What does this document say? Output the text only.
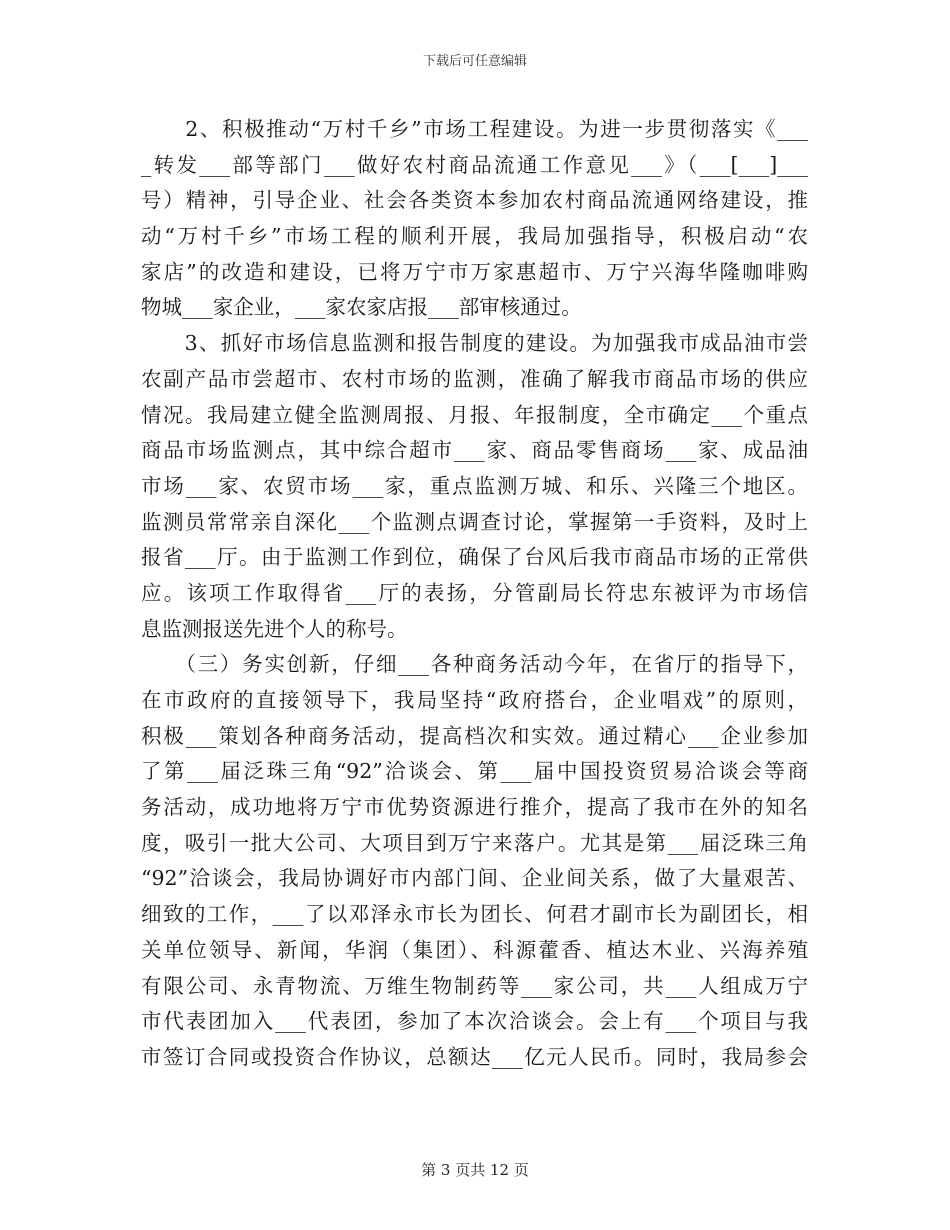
下载后可任意编辑
　　2、积极推动“万村千乡”市场工程建设。为进一步贯彻落实《___
_转发___部等部门___做好农村商品流通工作意见___》（___[___]___
号）精神，引导企业、社会各类资本参加农村商品流通网络建设，推
动“万村千乡”市场工程的顺利开展，我局加强指导，积极启动“农
家店”的改造和建设，已将万宁市万家惠超市、万宁兴海华隆咖啡购
物城___家企业，___家农家店报___部审核通过。
　　3、抓好市场信息监测和报告制度的建设。为加强我市成品油市尝
农副产品市尝超市、农村市场的监测，准确了解我市商品市场的供应
情况。我局建立健全监测周报、月报、年报制度，全市确定___个重点
商品市场监测点，其中综合超市___家、商品零售商场___家、成品油
市场___家、农贸市场___家，重点监测万城、和乐、兴隆三个地区。
监测员常常亲自深化___个监测点调查讨论，掌握第一手资料，及时上
报省___厅。由于监测工作到位，确保了台风后我市商品市场的正常供
应。该项工作取得省___厅的表扬，分管副局长符忠东被评为市场信
息监测报送先进个人的称号。
　　（三）务实创新，仔细___各种商务活动今年，在省厅的指导下，
在市政府的直接领导下，我局坚持“政府搭台，企业唱戏”的原则，
积极___策划各种商务活动，提高档次和实效。通过精心___企业参加
了第___届泛珠三角“92”洽谈会、第___届中国投资贸易洽谈会等商
务活动，成功地将万宁市优势资源进行推介，提高了我市在外的知名
度，吸引一批大公司、大项目到万宁来落户。尤其是第___届泛珠三角
“92”洽谈会，我局协调好市内部门间、企业间关系，做了大量艰苦、
细致的工作，___了以邓泽永市长为团长、何君才副市长为副团长，相
关单位领导、新闻，华润（集团）、科源藿香、植达木业、兴海养殖
有限公司、永青物流、万维生物制药等___家公司，共___人组成万宁
市代表团加入___代表团，参加了本次洽谈会。会上有___个项目与我
市签订合同或投资合作协议，总额达___亿元人民币。同时，我局参会
第 3 页共 12 页
